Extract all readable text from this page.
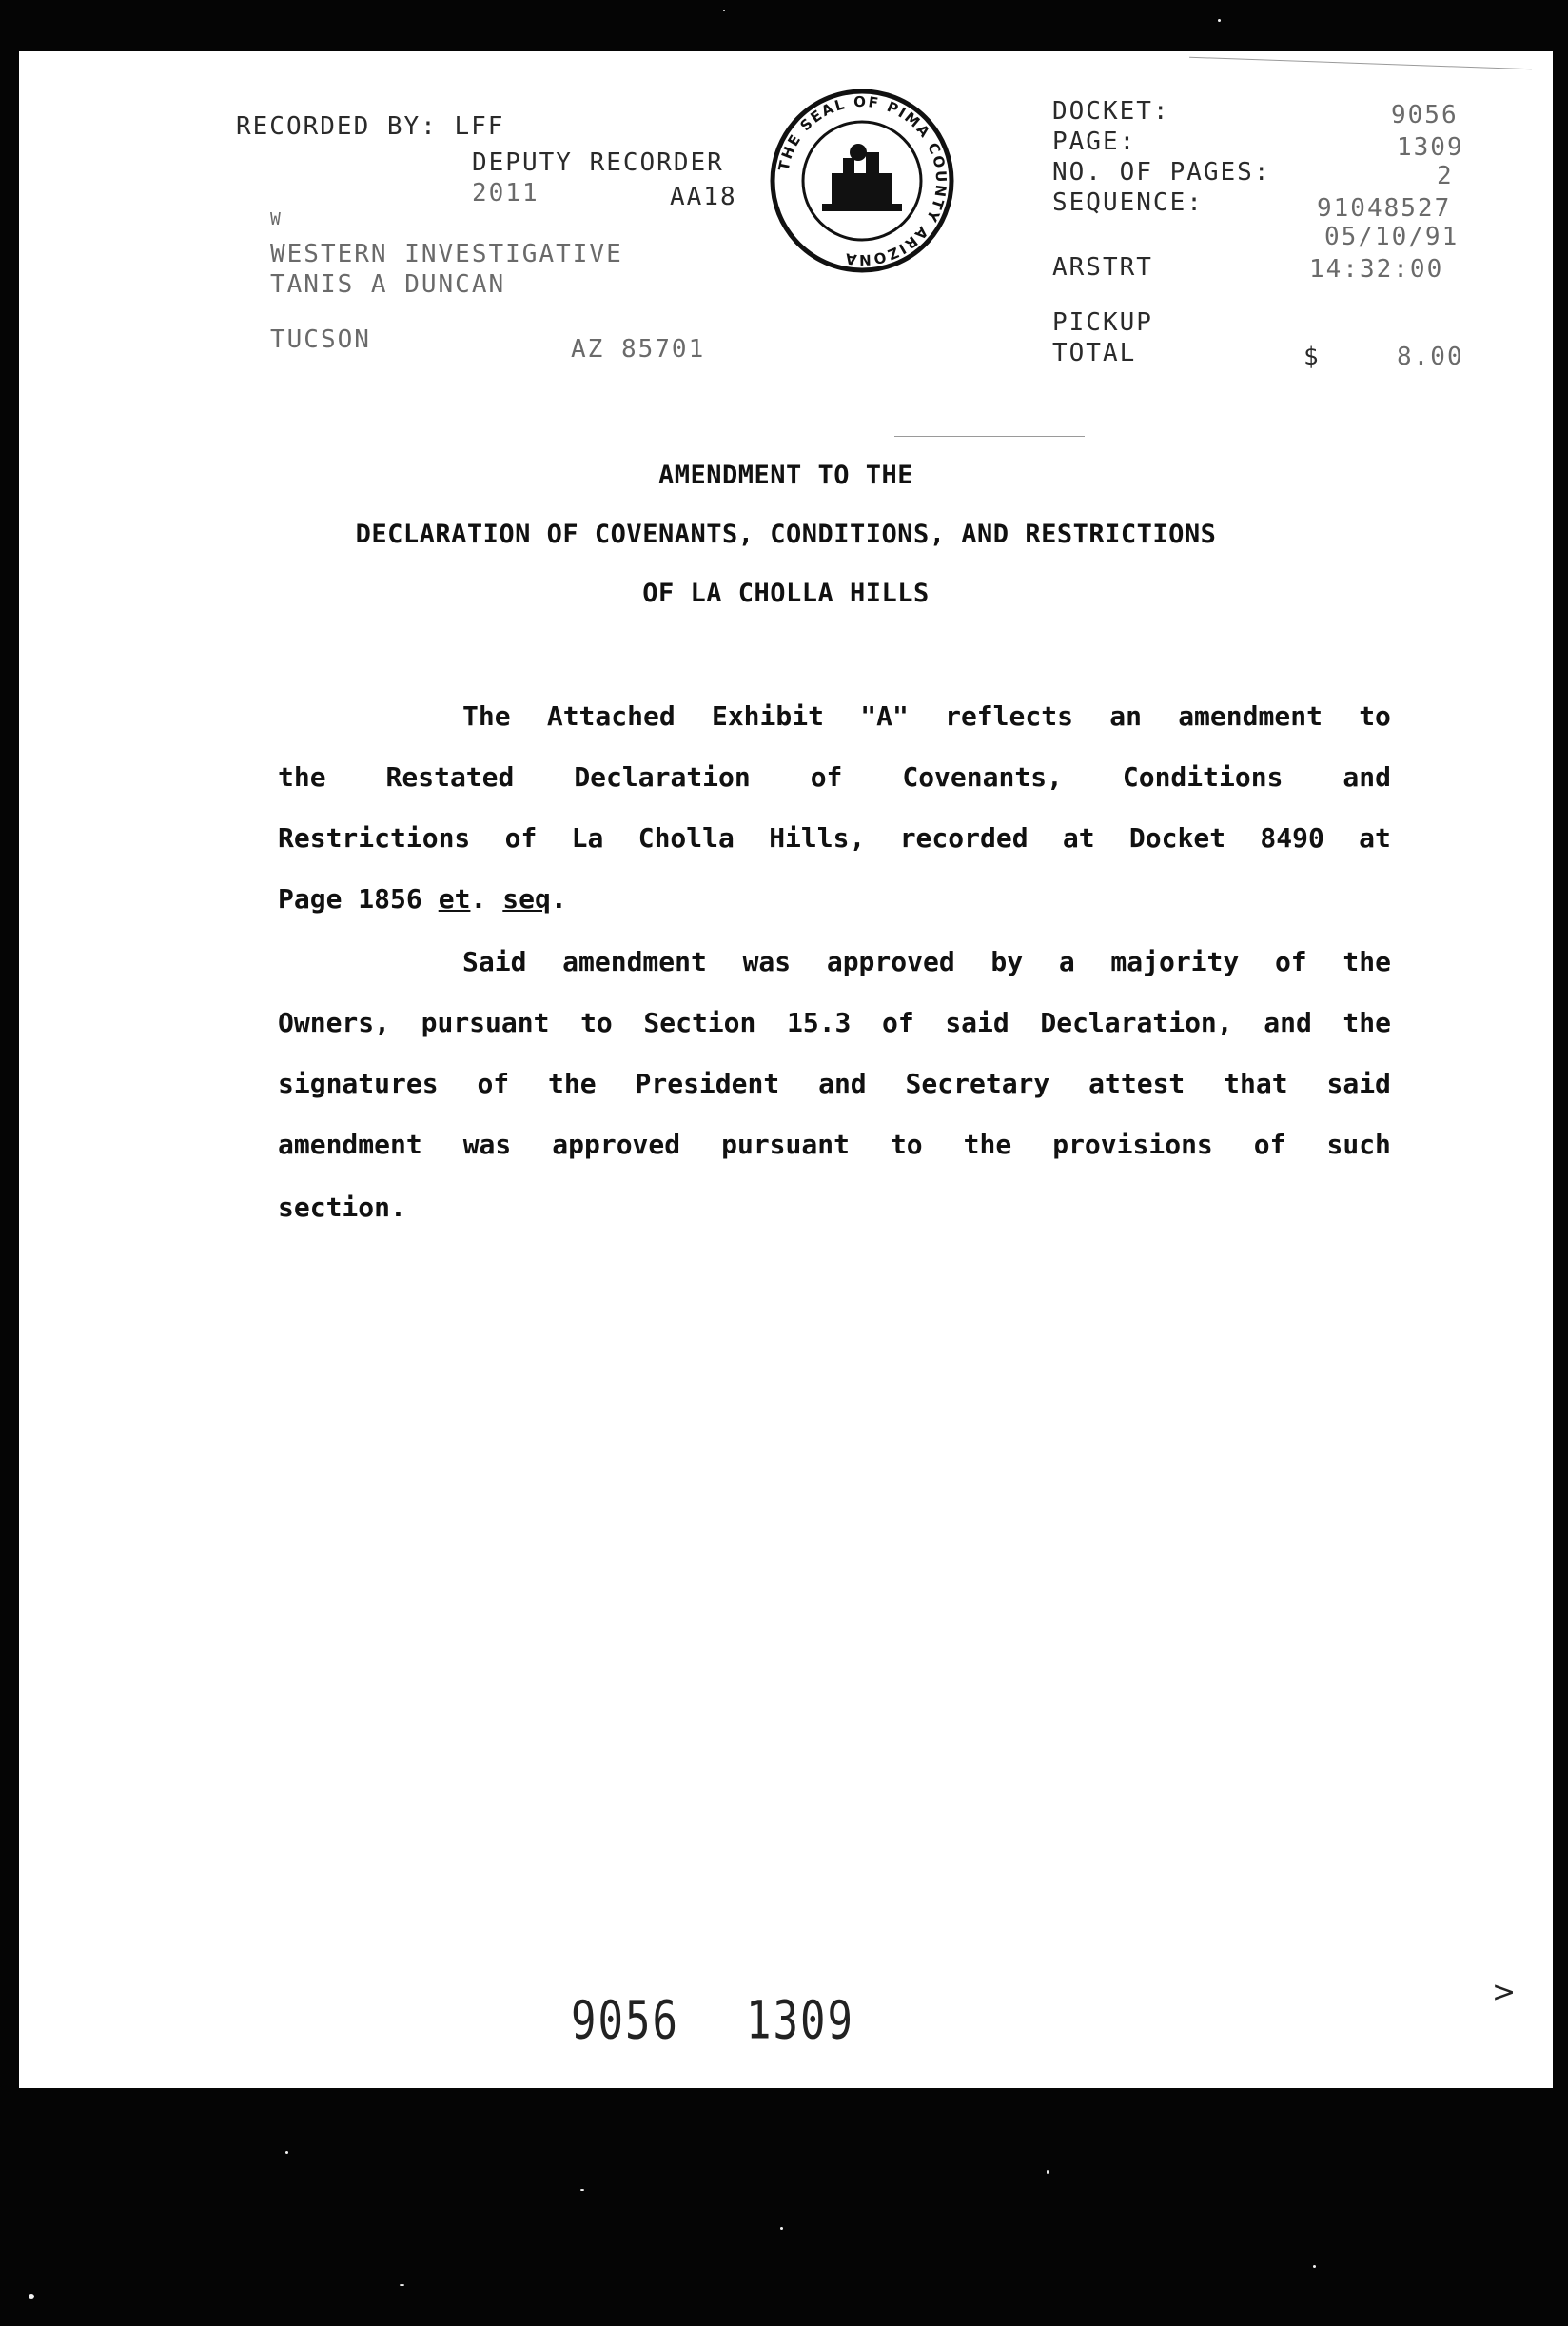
RECORDED BY: LFF
DEPUTY RECORDER
2011	AA18
W
WESTERN INVESTIGATIVE
TANIS A DUNCAN
TUCSON	AZ 85701
THE SEAL OF PIMA COUNTY ARIZONA
DOCKET:	9056
PAGE:	1309
NO. OF PAGES:	2
SEQUENCE:	91048527
05/10/91
ARSTRT	14:32:00
PICKUP
TOTAL	$	8.00
AMENDMENT TO THE
DECLARATION OF COVENANTS, CONDITIONS, AND RESTRICTIONS
OF LA CHOLLA HILLS
The Attached Exhibit "A" reflects an amendment to
the Restated Declaration of Covenants, Conditions and
Restrictions of La Cholla Hills, recorded at Docket 8490 at
Page 1856 et . seq .
Said amendment was approved by a majority of the
Owners, pursuant to Section 15.3 of said Declaration, and the
signatures of the President and Secretary attest that said
amendment was approved pursuant to the provisions of such
section.
9056 1309	>
